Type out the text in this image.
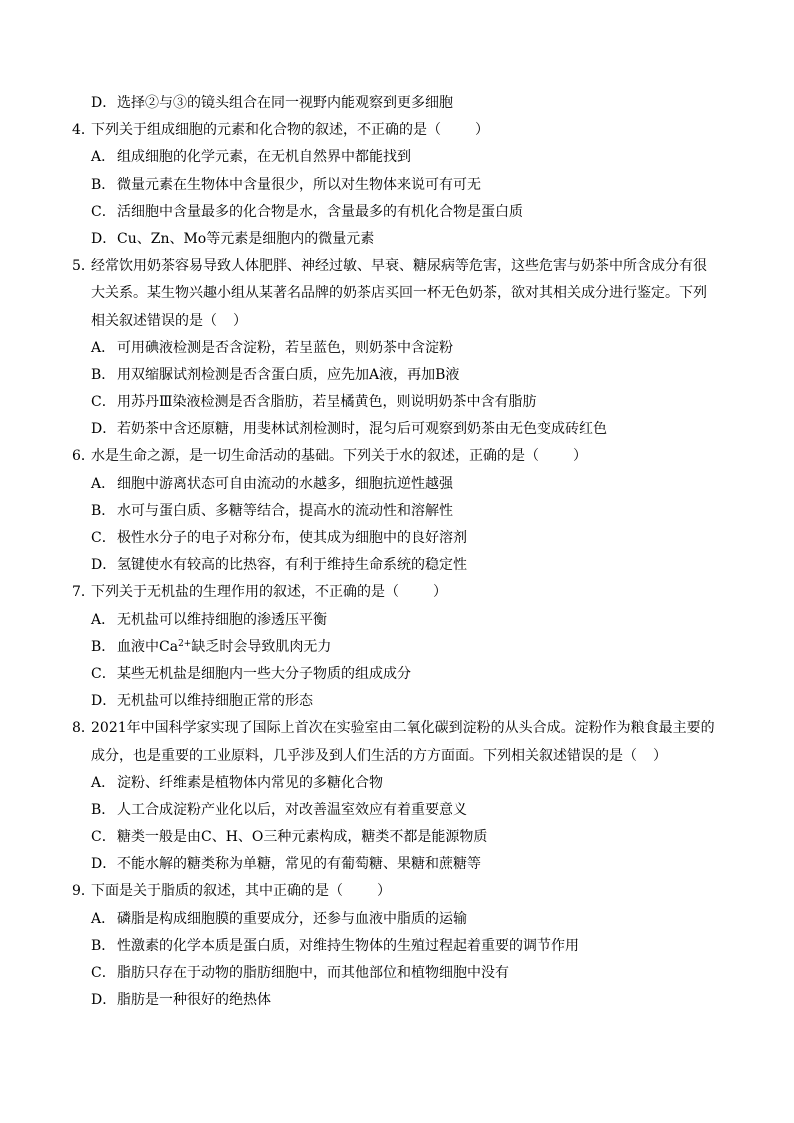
D．选择②与③的镜头组合在同一视野内能观察到更多细胞
4．下列关于组成细胞的元素和化合物的叙述，不正确的是（ ）
A． 组成细胞的化学元素，在无机自然界中都能找到
B． 微量元素在生物体中含量很少，所以对生物体来说可有可无
C．活细胞中含量最多的化合物是水，含量最多的有机化合物是蛋白质
D．Cu、Zn、Mo等元素是细胞内的微量元素
5．经常饮用奶茶容易导致人体肥胖、神经过敏、早衰、糖尿病等危害，这些危害与奶茶中所含成分有很
大关系。某生物兴趣小组从某著名品牌的奶茶店买回一杯无色奶茶，欲对其相关成分进行鉴定。下列
相关叙述错误的是（ ）
A． 可用碘液检测是否含淀粉，若呈蓝色，则奶茶中含淀粉
B． 用双缩脲试剂检测是否含蛋白质，应先加A液，再加B液
C．用苏丹Ⅲ染液检测是否含脂肪，若呈橘黄色，则说明奶茶中含有脂肪
D．若奶茶中含还原糖，用斐林试剂检测时，混匀后可观察到奶茶由无色变成砖红色
6．水是生命之源，是一切生命活动的基础。下列关于水的叙述，正确的是（ ）
A． 细胞中游离状态可自由流动的水越多，细胞抗逆性越强
B． 水可与蛋白质、多糖等结合，提高水的流动性和溶解性
C．极性水分子的电子对称分布，使其成为细胞中的良好溶剂
D．氢键使水有较高的比热容，有利于维持生命系统的稳定性
7．下列关于无机盐的生理作用的叙述，不正确的是（ ）
A． 无机盐可以维持细胞的渗透压平衡
B． 血液中$Ca^{2+}$缺乏时会导致肌肉无力
C．某些无机盐是细胞内一些大分子物质的组成成分
D．无机盐可以维持细胞正常的形态
8．2021年中国科学家实现了国际上首次在实验室由二氧化碳到淀粉的从头合成。淀粉作为粮食最主要的
成分，也是重要的工业原料，几乎涉及到人们生活的方方面面。下列相关叙述错误的是（ ）
A． 淀粉、纤维素是植物体内常见的多糖化合物
B． 人工合成淀粉产业化以后，对改善温室效应有着重要意义
C．糖类一般是由C、H、O三种元素构成，糖类不都是能源物质
D．不能水解的糖类称为单糖，常见的有葡萄糖、果糖和蔗糖等
9．下面是关于脂质的叙述，其中正确的是（ ）
A． 磷脂是构成细胞膜的重要成分，还参与血液中脂质的运输
B． 性激素的化学本质是蛋白质，对维持生物体的生殖过程起着重要的调节作用
C．脂肪只存在于动物的脂肪细胞中，而其他部位和植物细胞中没有
D．脂肪是一种很好的绝热体
